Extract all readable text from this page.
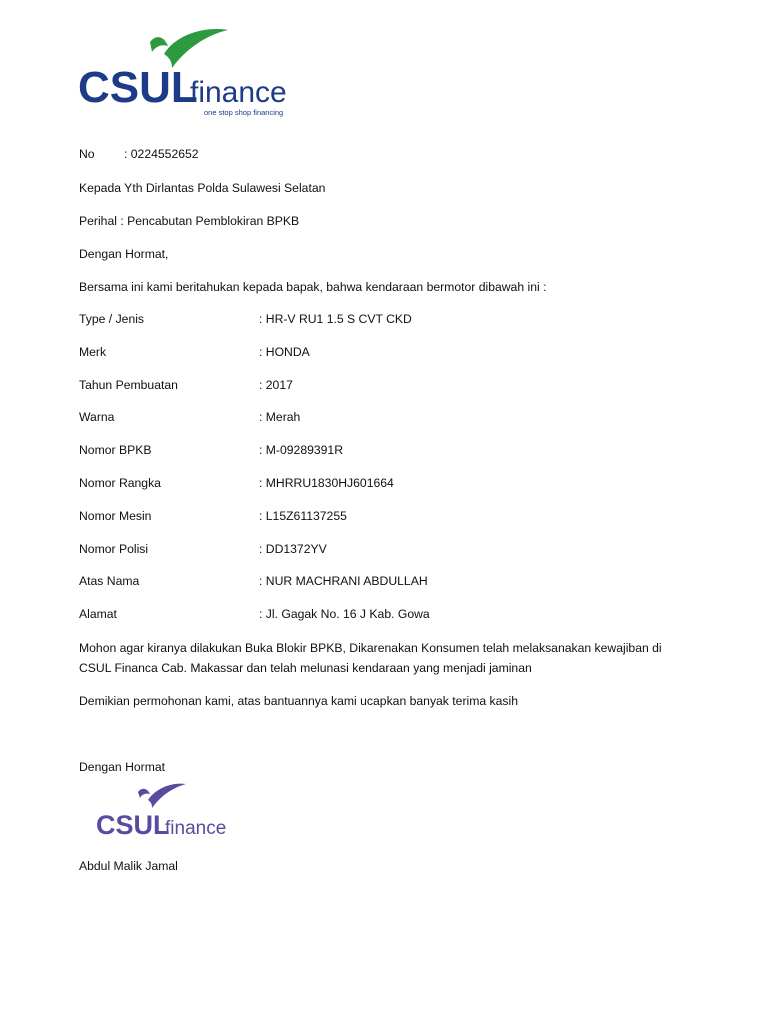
CSUL
finance
one stop shop financing
No : 0224552652
Kepada Yth Dirlantas Polda Sulawesi Selatan
Perihal : Pencabutan Pemblokiran BPKB
Dengan Hormat,
Bersama ini kami beritahukan kepada bapak, bahwa kendaraan bermotor dibawah ini :
Type / Jenis	: HR-V RU1 1.5 S CVT CKD
Merk	: HONDA
Tahun Pembuatan	: 2017
Warna	: Merah
Nomor BPKB	: M-09289391R
Nomor Rangka	: MHRRU1830HJ601664
Nomor Mesin	: L15Z61137255
Nomor Polisi	: DD1372YV
Atas Nama	: NUR MACHRANI ABDULLAH
Alamat	: Jl. Gagak No. 16 J Kab. Gowa
Mohon agar kiranya dilakukan Buka Blokir BPKB, Dikarenakan Konsumen telah melaksanakan kewajiban di
CSUL Financa Cab. Makassar dan telah melunasi kendaraan yang menjadi jaminan
Demikian permohonan kami, atas bantuannya kami ucapkan banyak terima kasih
Dengan Hormat
CSUL
finance
Abdul Malik Jamal
